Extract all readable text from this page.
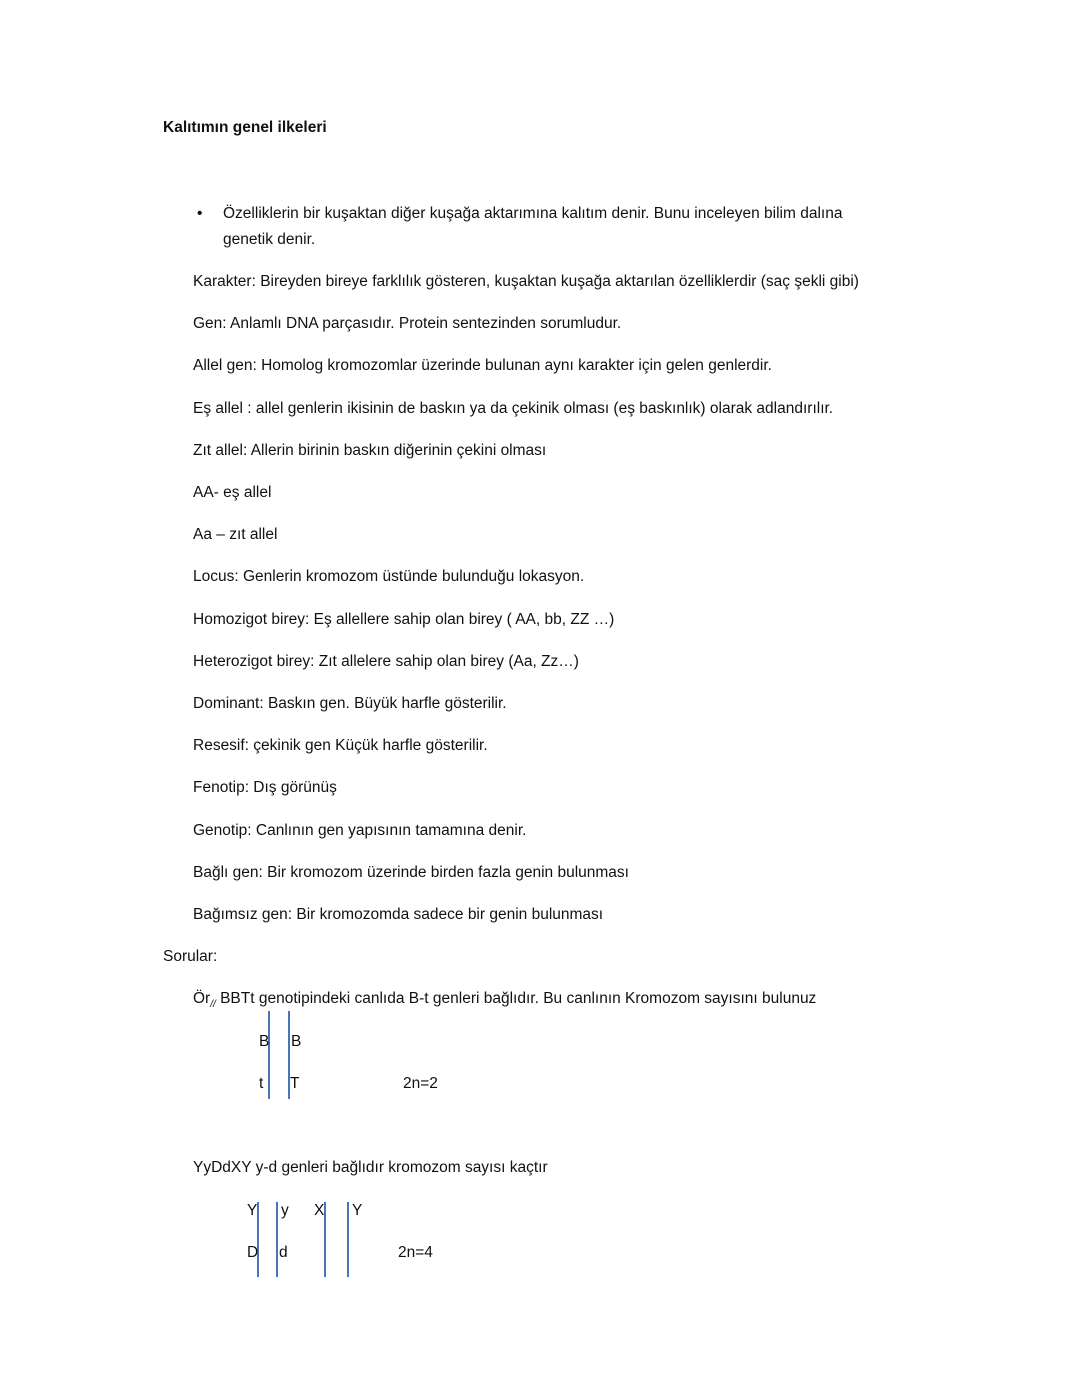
Kalıtımın genel ilkeleri
• Özelliklerin bir kuşaktan diğer kuşağa aktarımına kalıtım denir. Bunu inceleyen bilim dalına
genetik denir.
Karakter: Bireyden bireye farklılık gösteren, kuşaktan kuşağa aktarılan özelliklerdir (saç şekli gibi)
Gen: Anlamlı DNA parçasıdır. Protein sentezinden sorumludur.
Allel gen: Homolog kromozomlar üzerinde bulunan aynı karakter için gelen genlerdir.
Eş allel : allel genlerin ikisinin de baskın ya da çekinik olması (eş baskınlık) olarak adlandırılır.
Zıt allel: Allerin birinin baskın diğerinin çekini olması
AA- eş allel
Aa – zıt allel
Locus: Genlerin kromozom üstünde bulunduğu lokasyon.
Homozigot birey: Eş allellere sahip olan birey ( AA, bb, ZZ …)
Heterozigot birey: Zıt allelere sahip olan birey (Aa, Zz…)
Dominant: Baskın gen. Büyük harfle gösterilir.
Resesif: çekinik gen Küçük harfle gösterilir.
Fenotip: Dış görünüş
Genotip: Canlının gen yapısının tamamına denir.
Bağlı gen: Bir kromozom üzerinde birden fazla genin bulunması
Bağımsız gen: Bir kromozomda sadece bir genin bulunması
Sorular:
$Ör_{//}$ BBTt genotipindeki canlıda B-t genleri bağlıdır. Bu canlının Kromozom sayısını bulunuz
B B
t T	2n=2
YyDdXY y-d genleri bağlıdır kromozom sayısı kaçtır
Y y X Y
D d	2n=4
